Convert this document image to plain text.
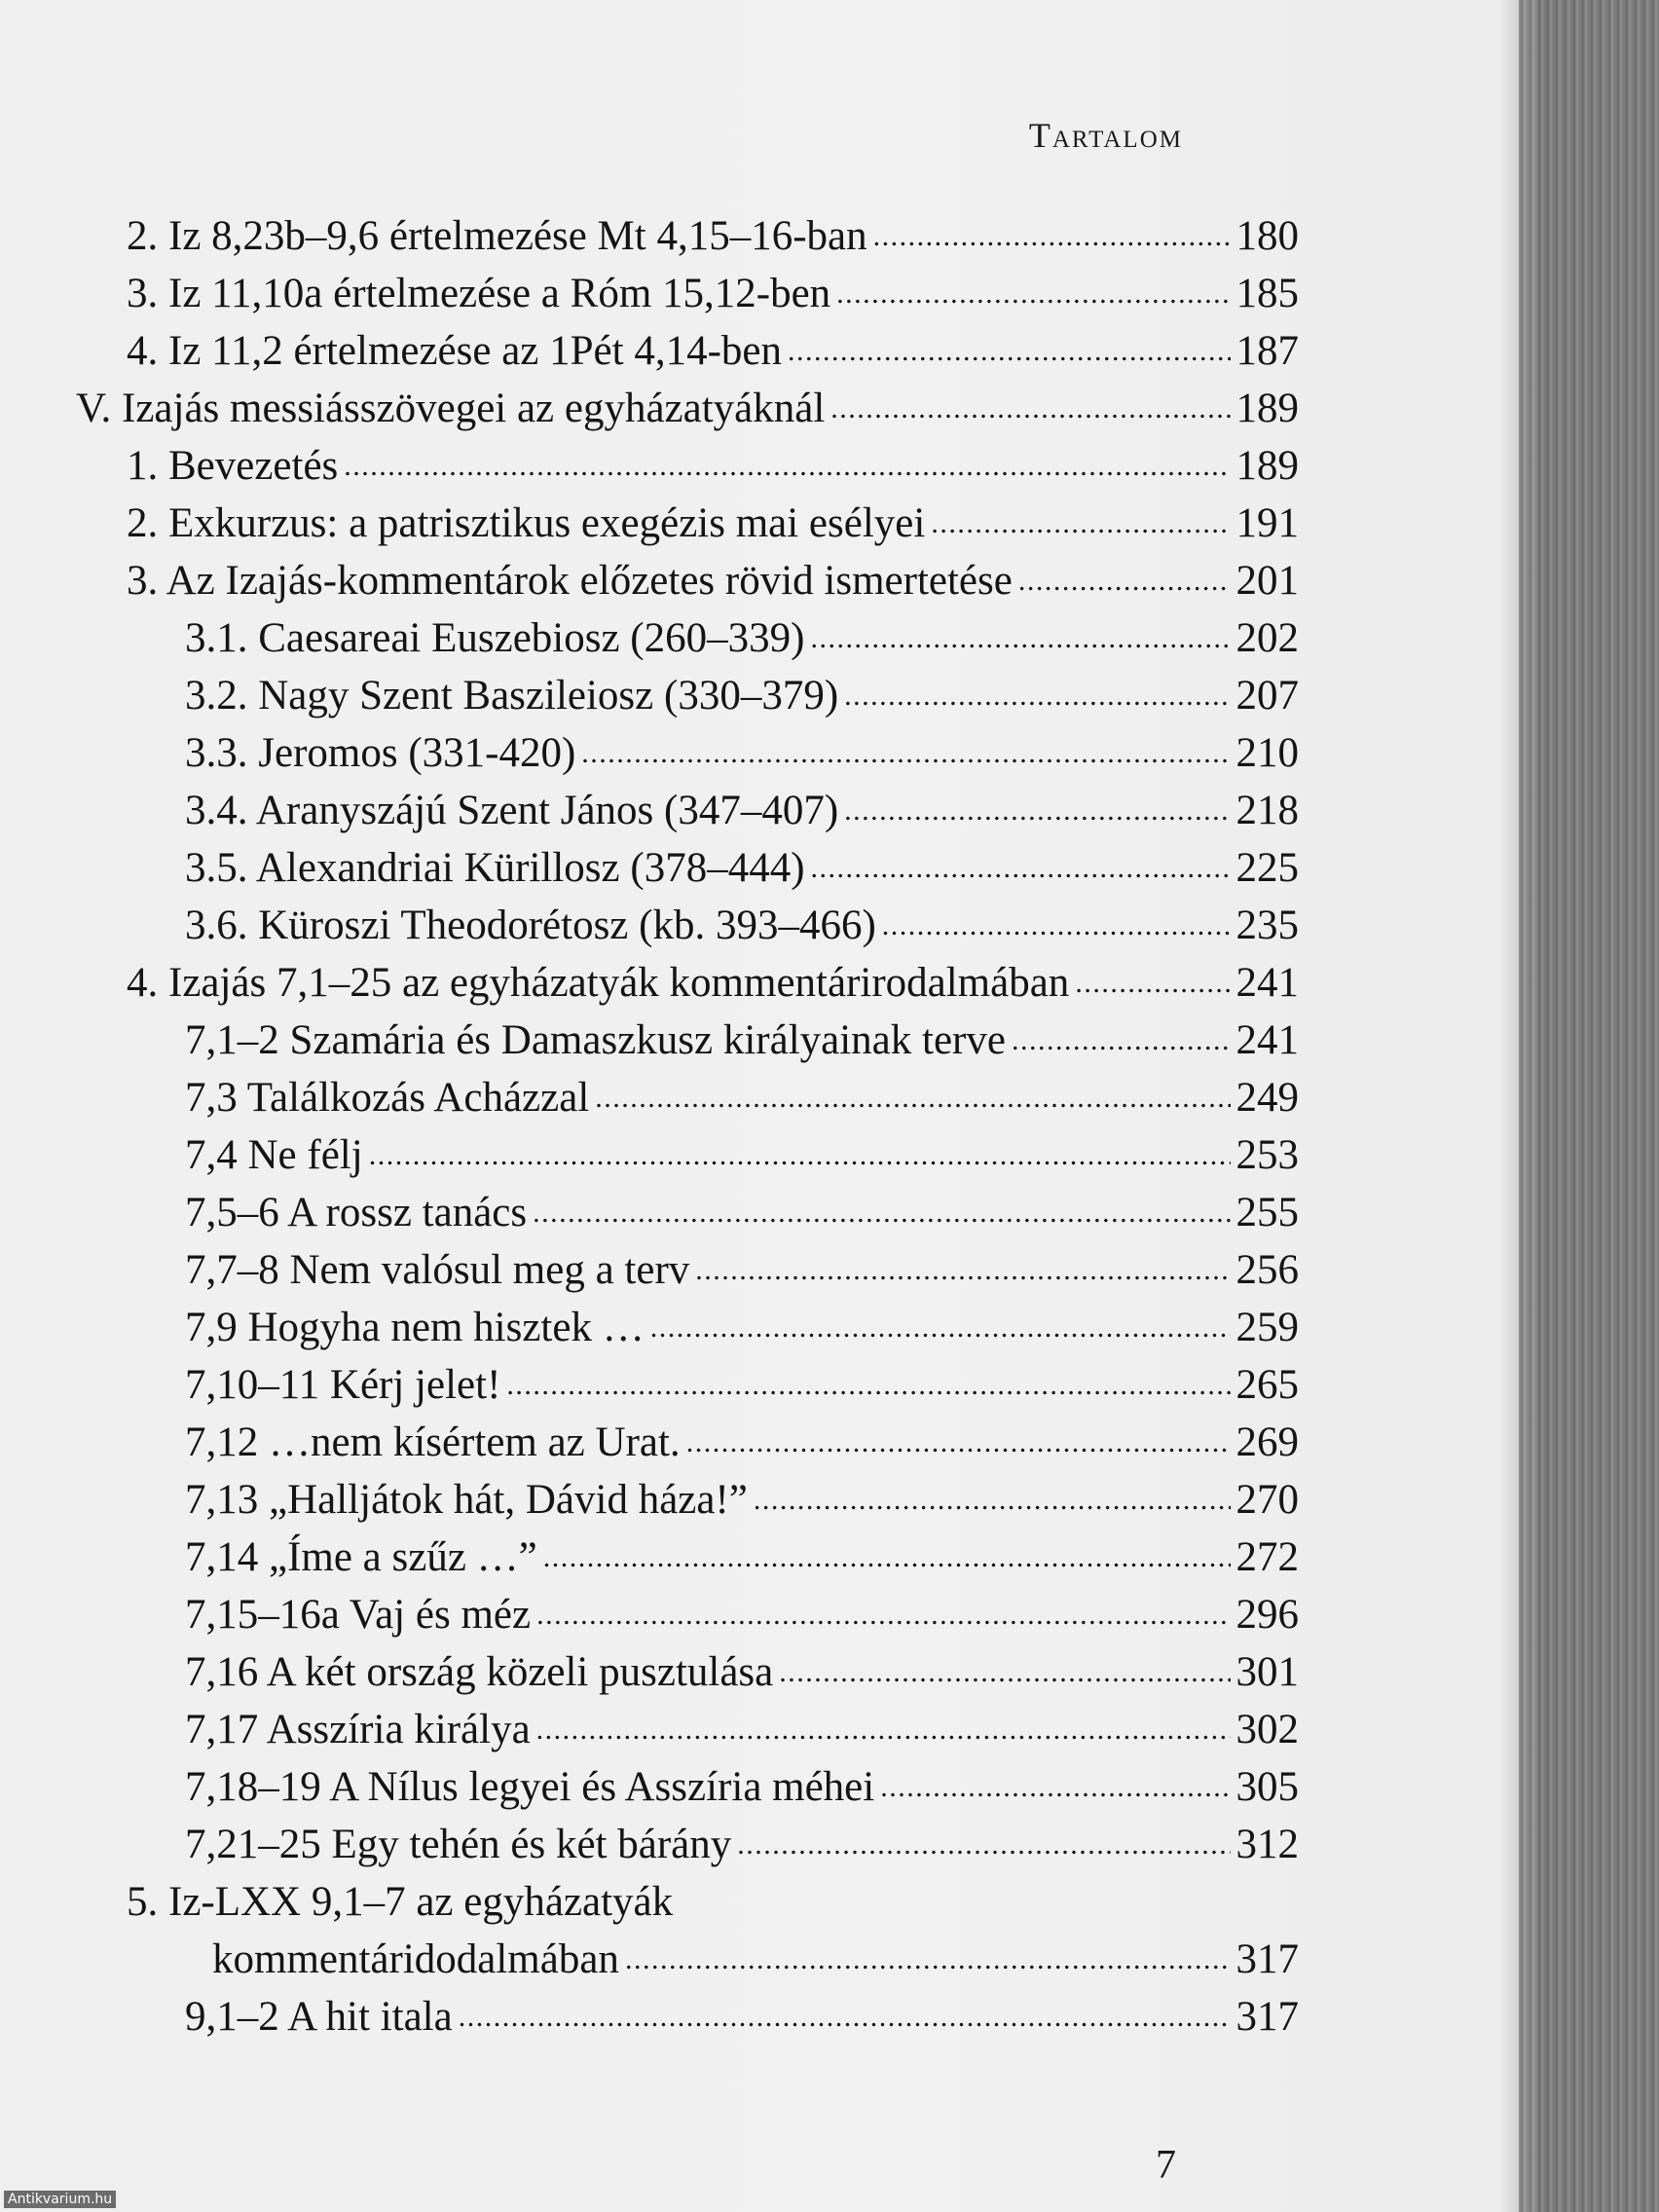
Tartalom
2. Iz 8,23b–9,6 értelmezése Mt 4,15–16-ban . . .	180
3. Iz 11,10a értelmezése a Róm 15,12-ben . . .	185
4. Iz 11,2 értelmezése az 1Pét 4,14-ben . . .	187
V. Izajás messiásszövegei az egyházatyáknál . . .	189
1. Bevezetés . . .	189
2. Exkurzus: a patrisztikus exegézis mai esélyei . . .	191
3. Az Izajás-kommentárok előzetes rövid ismertetése . . .	201
3.1. Caesareai Euszebiosz (260–339) . . .	202
3.2. Nagy Szent Baszileiosz (330–379) . . .	207
3.3. Jeromos (331-420) . . .	210
3.4. Aranyszájú Szent János (347–407) . . .	218
3.5. Alexandriai Kürillosz (378–444) . . .	225
3.6. Küroszi Theodorétosz (kb. 393–466) . . .	235
4. Izajás 7,1–25 az egyházatyák kommentárirodalmában . . .	241
7,1–2 Szamária és Damaszkusz királyainak terve . . .	241
7,3 Találkozás Acházzal . . .	249
7,4 Ne félj . . .	253
7,5–6 A rossz tanács . . .	255
7,7–8 Nem valósul meg a terv . . .	256
7,9 Hogyha nem hisztek … . . .	259
7,10–11 Kérj jelet! . . .	265
7,12 …nem kísértem az Urat. . . .	269
7,13 „Halljátok hát, Dávid háza!” . . .	270
7,14 „Íme a szűz …” . . .	272
7,15–16a Vaj és méz . . .	296
7,16 A két ország közeli pusztulása . . .	301
7,17 Asszíria királya . . .	302
7,18–19 A Nílus legyei és Asszíria méhei . . .	305
7,21–25 Egy tehén és két bárány . . .	312
5. Iz-LXX 9,1–7 az egyházatyák
kommentáridodalmában . . .	317
9,1–2 A hit itala . . .	317
7
Antikvarium.hu
